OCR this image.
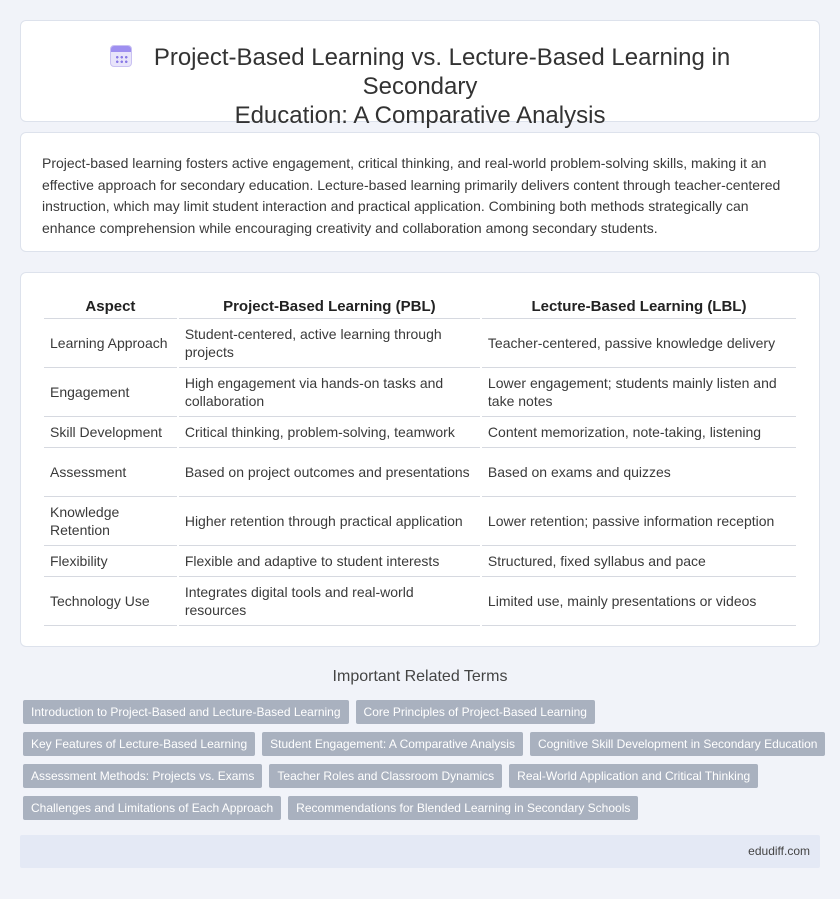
Project-Based Learning vs. Lecture-Based Learning in Secondary
Education: A Comparative Analysis

Project-based learning fosters active engagement, critical thinking, and real-world problem-solving skills, making it an effective approach for secondary education. Lecture-based learning primarily delivers content through teacher-centered instruction, which may limit student interaction and practical application. Combining both methods strategically can enhance comprehension while encouraging creativity and collaboration among secondary students.

Aspect	Project-Based Learning (PBL)	Lecture-Based Learning (LBL)
Learning Approach	Student-centered, active learning through projects	Teacher-centered, passive knowledge delivery
Engagement	High engagement via hands-on tasks and collaboration	Lower engagement; students mainly listen and take notes
Skill Development	Critical thinking, problem-solving, teamwork	Content memorization, note-taking, listening
Assessment	Based on project outcomes and presentations	Based on exams and quizzes
Knowledge Retention	Higher retention through practical application	Lower retention; passive information reception
Flexibility	Flexible and adaptive to student interests	Structured, fixed syllabus and pace
Technology Use	Integrates digital tools and real-world resources	Limited use, mainly presentations or videos
Important Related Terms
Introduction to Project-Based and Lecture-Based Learning	Core Principles of Project-Based Learning
Key Features of Lecture-Based Learning	Student Engagement: A Comparative Analysis	Cognitive Skill Development in Secondary Education
Assessment Methods: Projects vs. Exams	Teacher Roles and Classroom Dynamics	Real-World Application and Critical Thinking
Challenges and Limitations of Each Approach	Recommendations for Blended Learning in Secondary Schools
edudiff.com
